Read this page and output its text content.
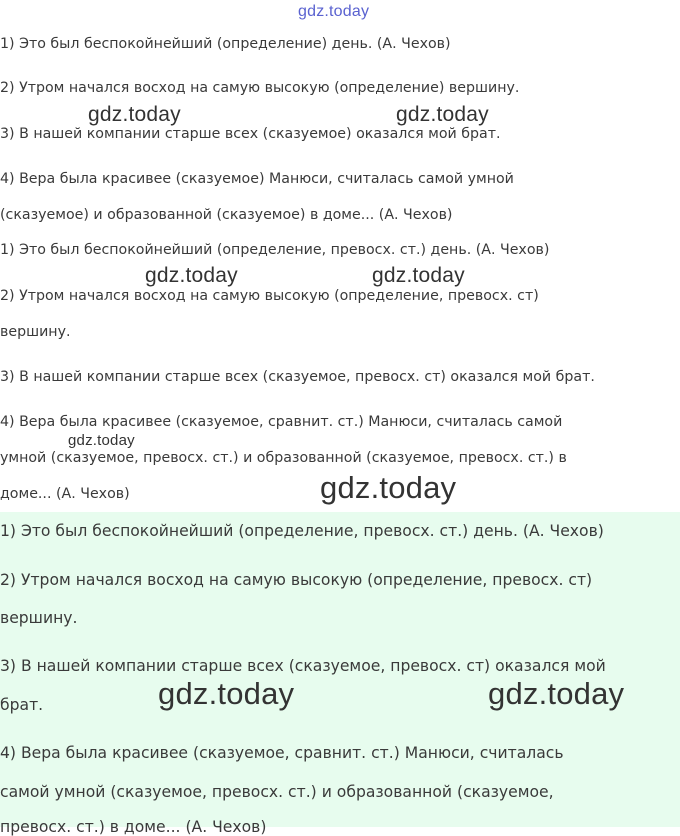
gdz.today
gdz.today	gdz.today
gdz.today	gdz.today
gdz.today
gdz.today
gdz.today	gdz.today
1) Это был беспокойнейший (определение) день. (А. Чехов)
2) Утром начался восход на самую высокую (определение) вершину.
3) В нашей компании старше всех (сказуемое) оказался мой брат.
4) Вера была красивее (сказуемое) Манюси, считалась самой умной
(сказуемое) и образованной (сказуемое) в доме... (А. Чехов)
1) Это был беспокойнейший (определение, превосх. ст.) день. (А. Чехов)
2) Утром начался восход на самую высокую (определение, превосх. ст)
вершину.
3) В нашей компании старше всех (сказуемое, превосх. ст) оказался мой брат.
4) Вера была красивее (сказуемое, сравнит. ст.) Манюси, считалась самой
умной (сказуемое, превосх. ст.) и образованной (сказуемое, превосх. ст.) в
доме... (А. Чехов)
1) Это был беспокойнейший (определение, превосх. ст.) день. (А. Чехов)
2) Утром начался восход на самую высокую (определение, превосх. ст)
вершину.
3) В нашей компании старше всех (сказуемое, превосх. ст) оказался мой
брат.
4) Вера была красивее (сказуемое, сравнит. ст.) Манюси, считалась
самой умной (сказуемое, превосх. ст.) и образованной (сказуемое,
превосх. ст.) в доме... (А. Чехов)
